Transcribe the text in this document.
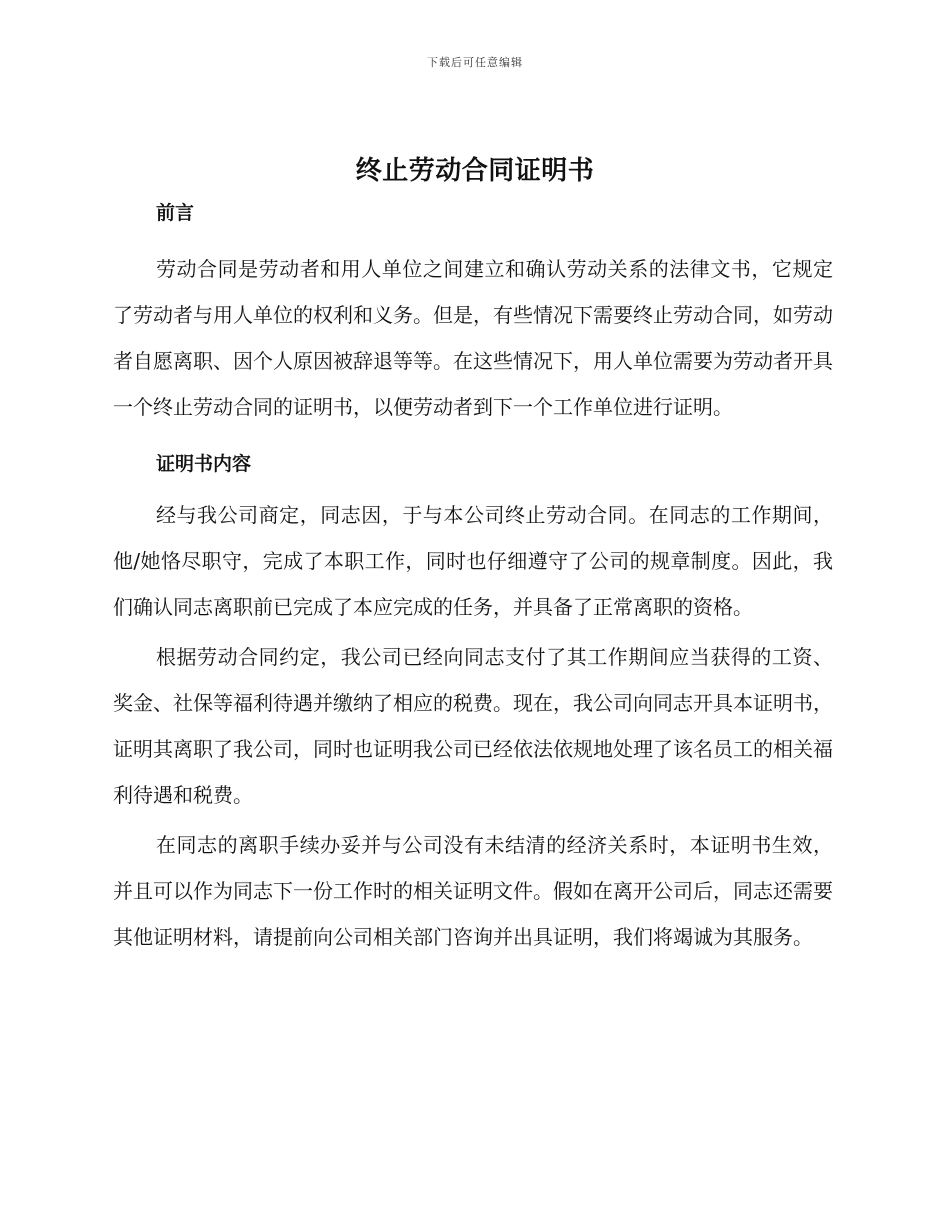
下载后可任意编辑
终止劳动合同证明书
前言

劳动合同是劳动者和用人单位之间建立和确认劳动关系的法律文书，它规定了劳动者与用人单位的权利和义务。但是，有些情况下需要终止劳动合同，如劳动者自愿离职、因个人原因被辞退等等。在这些情况下，用人单位需要为劳动者开具一个终止劳动合同的证明书，以便劳动者到下一个工作单位进行证明。

证明书内容

经与我公司商定，同志因，于与本公司终止劳动合同。在同志的工作期间，他/她恪尽职守，完成了本职工作，同时也仔细遵守了公司的规章制度。因此，我们确认同志离职前已完成了本应完成的任务，并具备了正常离职的资格。

根据劳动合同约定，我公司已经向同志支付了其工作期间应当获得的工资、奖金、社保等福利待遇并缴纳了相应的税费。现在，我公司向同志开具本证明书，证明其离职了我公司，同时也证明我公司已经依法依规地处理了该名员工的相关福利待遇和税费。

在同志的离职手续办妥并与公司没有未结清的经济关系时，本证明书生效，并且可以作为同志下一份工作时的相关证明文件。假如在离开公司后，同志还需要其他证明材料，请提前向公司相关部门咨询并出具证明，我们将竭诚为其服务。
